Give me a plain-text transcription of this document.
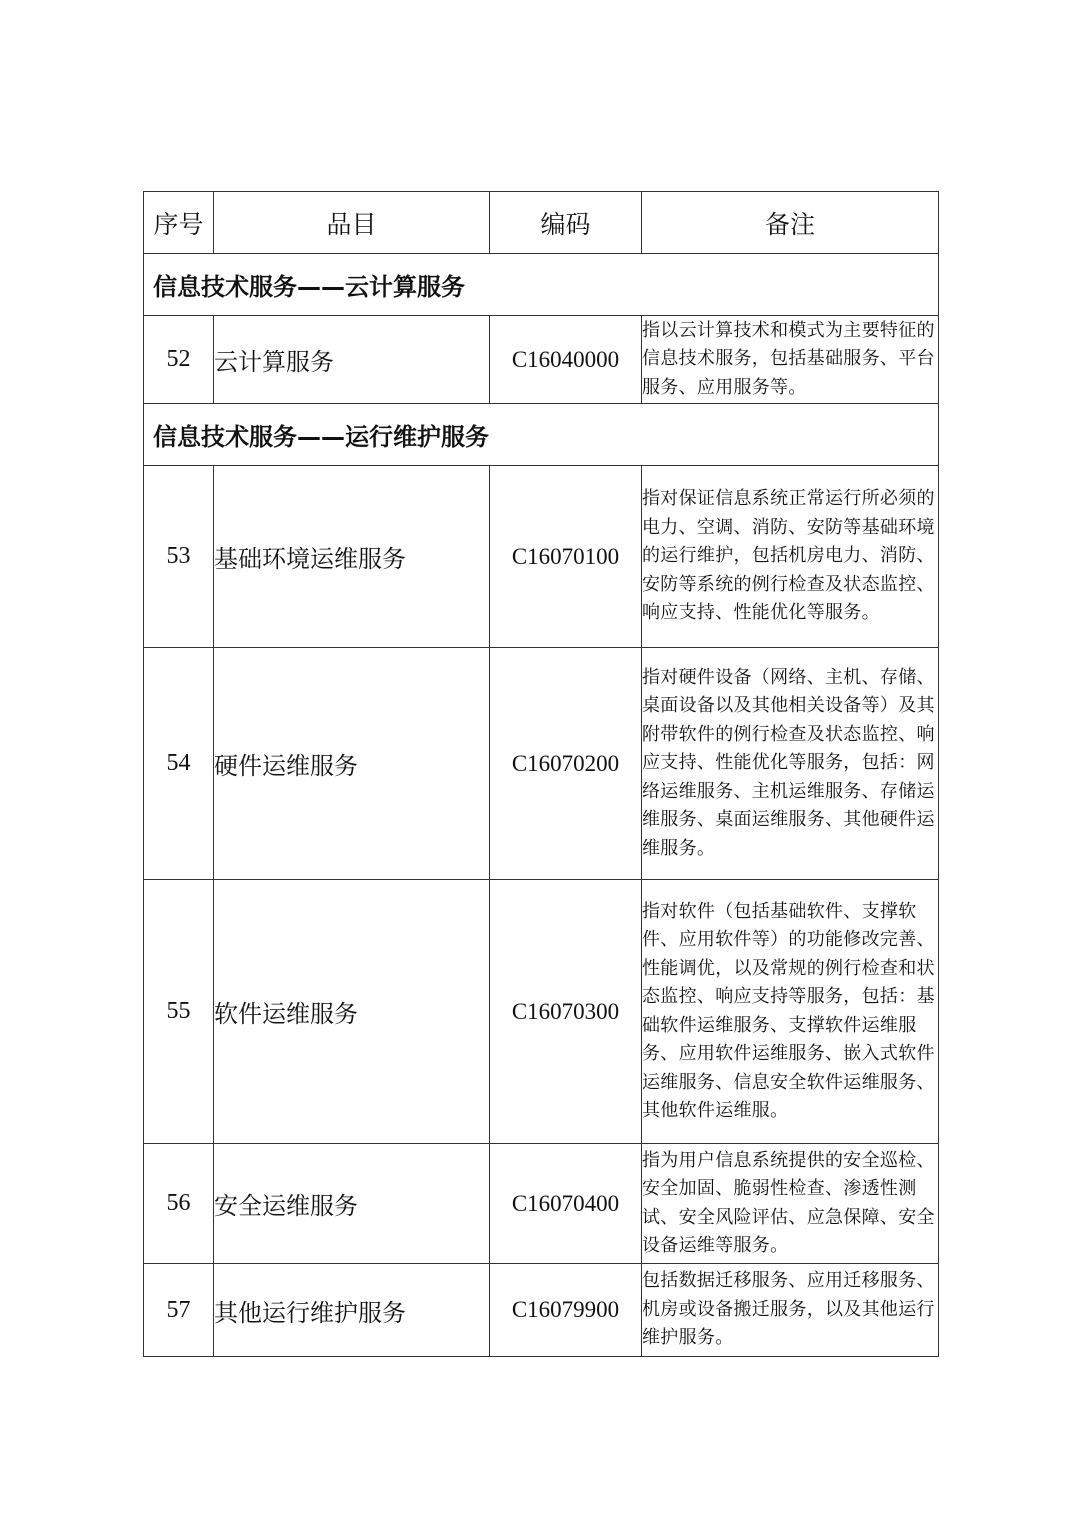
序号	品目	编码	备注
信息技术服务——云计算服务			
52	云计算服务	C16040000	指以云计算技术和模式为主要特征的信息技术服务，包括基础服务、平台服务、应用服务等。
信息技术服务——运行维护服务			
53	基础环境运维服务	C16070100	指对保证信息系统正常运行所必须的电力、空调、消防、安防等基础环境的运行维护，包括机房电力、消防、安防等系统的例行检查及状态监控、响应支持、性能优化等服务。
54	硬件运维服务	C16070200	指对硬件设备（网络、主机、存储、桌面设备以及其他相关设备等）及其附带软件的例行检查及状态监控、响应支持、性能优化等服务，包括：网络运维服务、主机运维服务、存储运维服务、桌面运维服务、其他硬件运维服务。
55	软件运维服务	C16070300	指对软件（包括基础软件、支撑软件、应用软件等）的功能修改完善、性能调优，以及常规的例行检查和状态监控、响应支持等服务，包括：基础软件运维服务、支撑软件运维服务、应用软件运维服务、嵌入式软件运维服务、信息安全软件运维服务、其他软件运维服。
56	安全运维服务	C16070400	指为用户信息系统提供的安全巡检、安全加固、脆弱性检查、渗透性测试、安全风险评估、应急保障、安全设备运维等服务。
57	其他运行维护服务	C16079900	包括数据迁移服务、应用迁移服务、机房或设备搬迁服务，以及其他运行维护服务。
